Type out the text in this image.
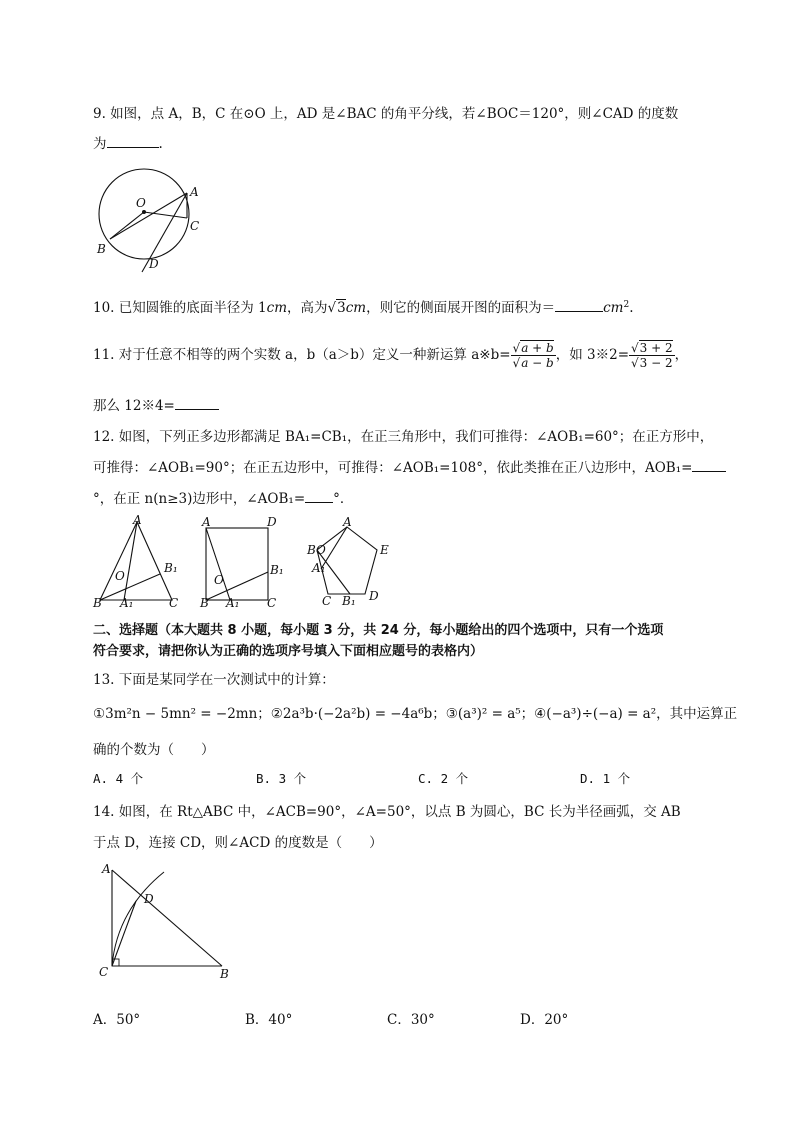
9. 如图，点 A，B，C 在⊙O 上，AD 是∠BAC 的角平分线，若∠BOC＝120°，则∠CAD 的度数
为	.
O
A
C
B
D
10. 已知圆锥的底面半径为 1cm，高为√3cm，则它的侧面展开图的面积为＝	$cm^2$.
11. 对于任意不相等的两个实数 a，b（a＞b）定义一种新运算 a※b= $\frac{√a + b}{√a - b}$ ，如 3※2= $\frac{√3 + 2}{√3 - 2}$ ，
那么 12※4=
12. 如图，下列正多边形都满足 BA₁=CB₁，在正三角形中，我们可推得：∠AOB₁=60°；在正方形中，
可推得：∠AOB₁=90°；在正五边形中，可推得：∠AOB₁=108°，依此类推在正八边形中，AOB₁=
°，在正 n(n≥3)边形中，∠AOB₁= °．
A
B₁
O
B A₁	C
A	D
B₁
O
B A₁ C
A
E
B O
A₁
D
C B₁
二、选择题（本大题共 8 小题，每小题 3 分，共 24 分，每小题给出的四个选项中，只有一个选项
符合要求，请把你认为正确的选项序号填入下面相应题号的表格内）
13. 下面是某同学在一次测试中的计算：
①3m²n − 5mn² = −2mn；②2a³b·(−2a²b) = −4a⁶b；③(a³)² = a⁵；④(−a³)÷(−a) = a²，其中运算正
确的个数为（　　）
A. 4 个	B. 3 个	C. 2 个	D. 1 个
14. 如图，在 Rt△ABC 中，∠ACB=90°，∠A=50°，以点 B 为圆心，BC 长为半径画弧，交 AB
于点 D，连接 CD，则∠ACD 的度数是（　　）
A
D
C	B
A．50°	B．40°	C．30°	D．20°
